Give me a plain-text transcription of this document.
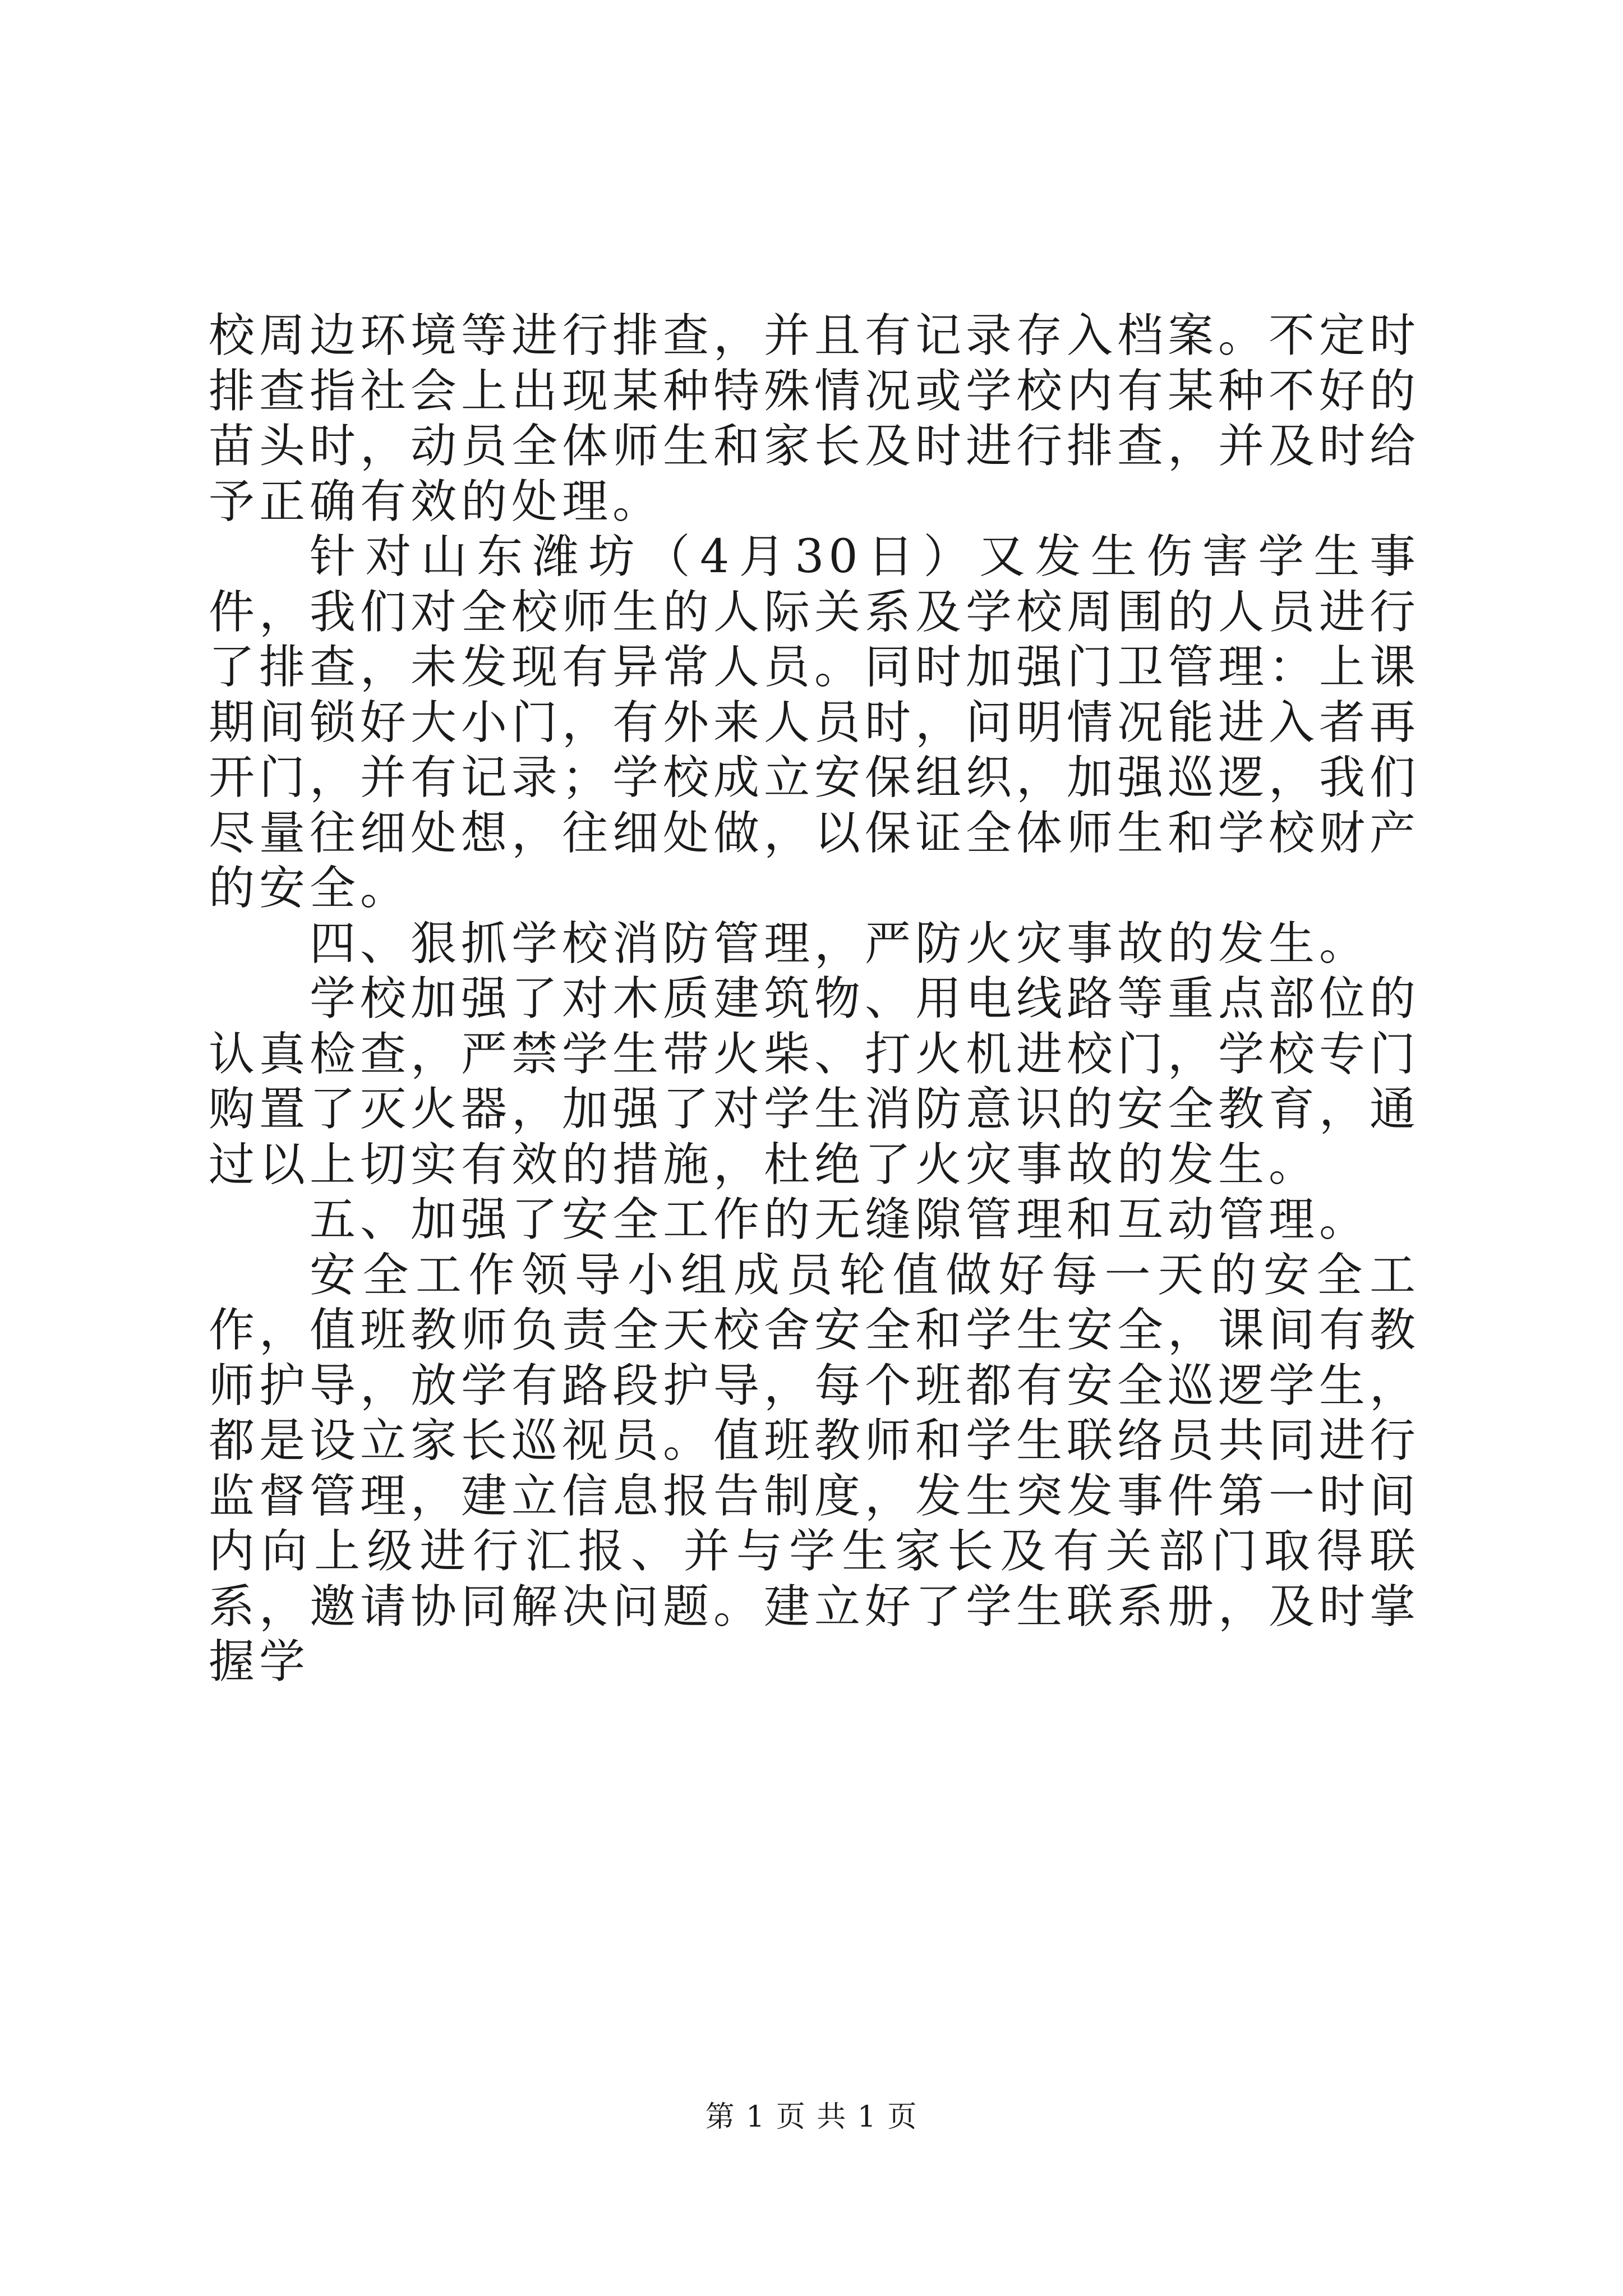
校周边环境等进行排查，并且有记录存入档案。不定时排查指社会上出现某种特殊情况或学校内有某种不好的苗头时，动员全体师生和家长及时进行排查，并及时给予正确有效的处理。

针对山东潍坊（4月30日）又发生伤害学生事件，我们对全校师生的人际关系及学校周围的人员进行了排查，未发现有异常人员。同时加强门卫管理：上课期间锁好大小门，有外来人员时，问明情况能进入者再开门，并有记录；学校成立安保组织，加强巡逻，我们尽量往细处想，往细处做，以保证全体师生和学校财产的安全。

四、狠抓学校消防管理，严防火灾事故的发生。

学校加强了对木质建筑物、用电线路等重点部位的认真检查，严禁学生带火柴、打火机进校门，学校专门购置了灭火器，加强了对学生消防意识的安全教育，通过以上切实有效的措施，杜绝了火灾事故的发生。

五、加强了安全工作的无缝隙管理和互动管理。

安全工作领导小组成员轮值做好每一天的安全工作，值班教师负责全天校舍安全和学生安全，课间有教师护导，放学有路段护导，每个班都有安全巡逻学生，都是设立家长巡视员。值班教师和学生联络员共同进行监督管理，建立信息报告制度，发生突发事件第一时间内向上级进行汇报、并与学生家长及有关部门取得联系，邀请协同解决问题。建立好了学生联系册，及时掌握学

第 1 页 共 1 页
